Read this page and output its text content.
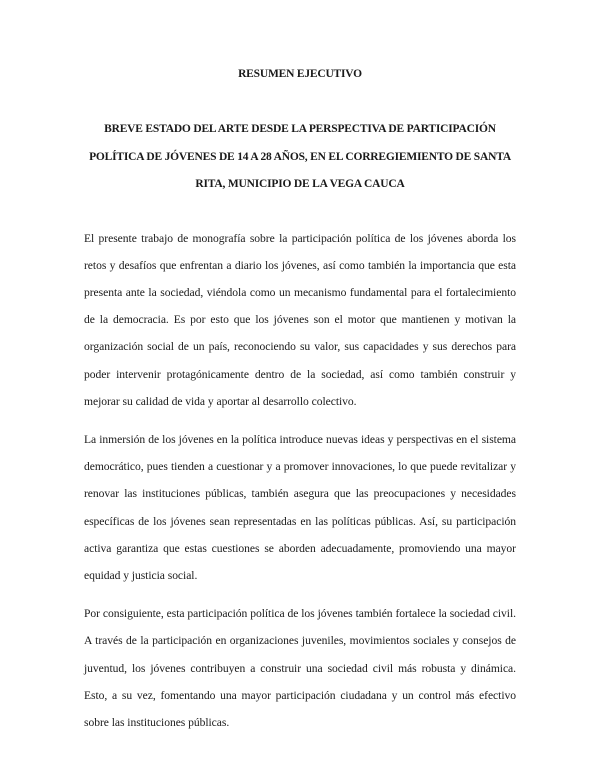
RESUMEN EJECUTIVO
BREVE ESTADO DEL ARTE DESDE LA PERSPECTIVA DE PARTICIPACIÓN POLÍTICA DE JÓVENES DE 14 A 28 AÑOS, EN EL CORREGIEMIENTO DE SANTA RITA, MUNICIPIO DE LA VEGA CAUCA

El presente trabajo de monografía sobre la participación política de los jóvenes aborda los retos y desafíos que enfrentan a diario los jóvenes, así como también la importancia que esta presenta ante la sociedad, viéndola como un mecanismo fundamental para el fortalecimiento de la democracia. Es por esto que los jóvenes son el motor que mantienen y motivan la organización social de un país, reconociendo su valor, sus capacidades y sus derechos para poder intervenir protagónicamente dentro de la sociedad, así como también construir y mejorar su calidad de vida y aportar al desarrollo colectivo.

La inmersión de los jóvenes en la política introduce nuevas ideas y perspectivas en el sistema democrático, pues tienden a cuestionar y a promover innovaciones, lo que puede revitalizar y renovar las instituciones públicas, también asegura que las preocupaciones y necesidades específicas de los jóvenes sean representadas en las políticas públicas. Así, su participación activa garantiza que estas cuestiones se aborden adecuadamente, promoviendo una mayor equidad y justicia social.

Por consiguiente, esta participación política de los jóvenes también fortalece la sociedad civil. A través de la participación en organizaciones juveniles, movimientos sociales y consejos de juventud, los jóvenes contribuyen a construir una sociedad civil más robusta y dinámica. Esto, a su vez, fomentando una mayor participación ciudadana y un control más efectivo sobre las instituciones públicas.
